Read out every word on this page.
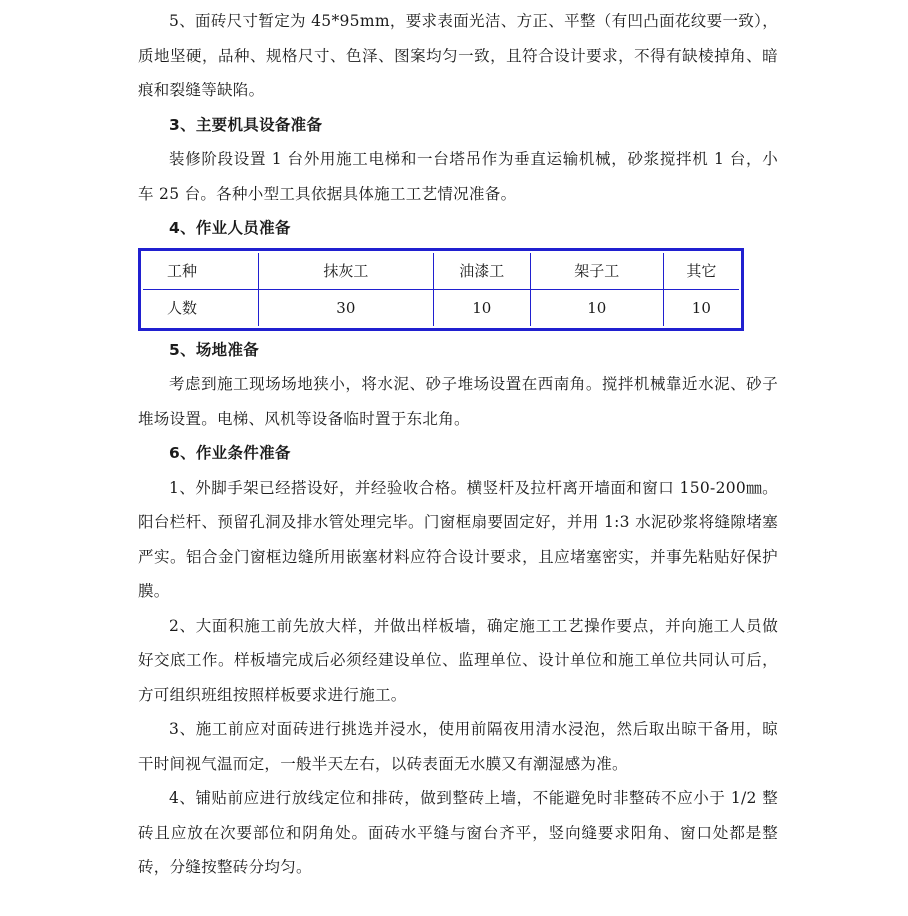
5、面砖尺寸暂定为 45*95mm，要求表面光洁、方正、平整（有凹凸面花纹要一致），质地坚硬，品种、规格尺寸、色泽、图案均匀一致，且符合设计要求，不得有缺棱掉角、暗痕和裂缝等缺陷。

3、主要机具设备准备

装修阶段设置 1 台外用施工电梯和一台塔吊作为垂直运输机械，砂浆搅拌机 1 台，小车 25 台。各种小型工具依据具体施工工艺情况准备。

4、作业人员准备

工种	抹灰工	油漆工	架子工	其它
人数	30	10	10	10

5、场地准备

考虑到施工现场场地狭小，将水泥、砂子堆场设置在西南角。搅拌机械靠近水泥、砂子堆场设置。电梯、风机等设备临时置于东北角。

6、作业条件准备

1、外脚手架已经搭设好，并经验收合格。横竖杆及拉杆离开墙面和窗口 150-200㎜。阳台栏杆、预留孔洞及排水管处理完毕。门窗框扇要固定好，并用 1:3 水泥砂浆将缝隙堵塞严实。铝合金门窗框边缝所用嵌塞材料应符合设计要求，且应堵塞密实，并事先粘贴好保护膜。

2、大面积施工前先放大样，并做出样板墙，确定施工工艺操作要点，并向施工人员做好交底工作。样板墙完成后必须经建设单位、监理单位、设计单位和施工单位共同认可后，方可组织班组按照样板要求进行施工。

3、施工前应对面砖进行挑选并浸水，使用前隔夜用清水浸泡，然后取出晾干备用，晾干时间视气温而定，一般半天左右，以砖表面无水膜又有潮湿感为准。

4、铺贴前应进行放线定位和排砖，做到整砖上墙，不能避免时非整砖不应小于 1/2 整砖且应放在次要部位和阴角处。面砖水平缝与窗台齐平，竖向缝要求阳角、窗口处都是整砖，分缝按整砖分均匀。
